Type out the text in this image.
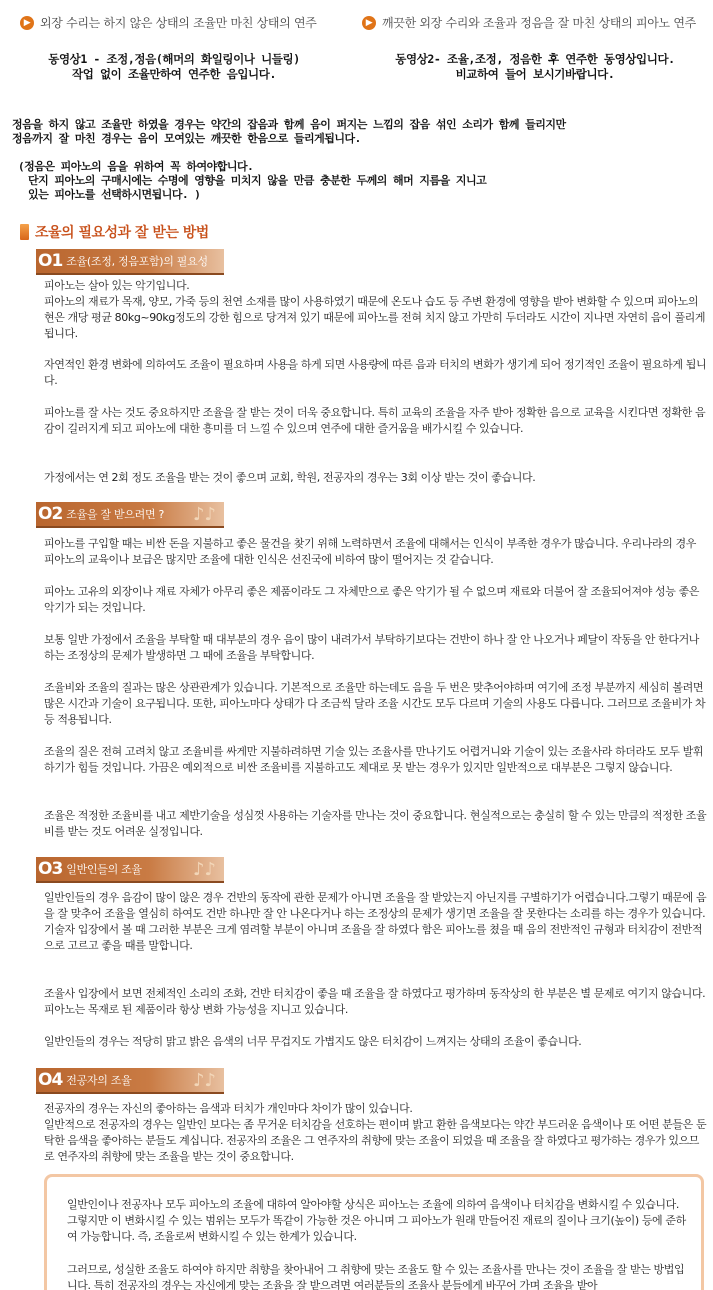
▶ 외장 수리는 하지 않은 상태의 조율만 마친 상태의 연주	▶ 깨끗한 외장 수리와 조율과 정음을 잘 마친 상태의 피아노 연주
동영상1 - 조정,정음(해머의 화일링이나 니들링)
작업 없이 조율만하여 연주한 음입니다.
동영상2- 조율,조정, 정음한 후 연주한 동영상입니다.
비교하여 들어 보시기바랍니다.
정음을 하지 않고 조율만 하였을 경우는 약간의 잡음과 함께 음이 퍼지는 느낌의 잡음 섞인 소리가 함께 들리지만
정음까지 잘 마친 경우는 음이 모여있는 깨끗한 한음으로 들리게됩니다.
(정음은 피아노의 음을 위하여 꼭 하여야합니다.
단지 피아노의 구매시에는 수명에 영향을 미치지 않을 만큼 충분한 두께의 해머 지름을 지니고
있는 피아노를 선택하시면됩니다. )
조율의 필요성과 잘 받는 방법
O1 조율(조정, 정음포함)의 필요성
피아노는 살아 있는 악기입니다.
피아노의 재료가 목재, 양모, 가죽 등의 천연 소재를 많이 사용하였기 때문에 온도나 습도 등 주변 환경에 영향을 받아 변화할 수 있으며 피아노의 현은 개당 평균 80kg~90kg정도의 강한 힘으로 당겨져 있기 때문에 피아노를 전혀 치지 않고 가만히 두더라도 시간이 지나면 자연히 음이 풀리게 됩니다.
자연적인 환경 변화에 의하여도 조율이 필요하며 사용을 하게 되면 사용량에 따른 음과 터치의 변화가 생기게 되어 정기적인 조율이 필요하게 됩니다.
피아노를 잘 사는 것도 중요하지만 조율을 잘 받는 것이 더욱 중요합니다. 특히 교육의 조율을 자주 받아 정확한 음으로 교육을 시킨다면 정확한 음감이 길러지게 되고 피아노에 대한 흥미를 더 느낄 수 있으며 연주에 대한 즐거움을 배가시킬 수 있습니다.
가정에서는 연 2회 정도 조율을 받는 것이 좋으며 교회, 학원, 전공자의 경우는 3회 이상 받는 것이 좋습니다.
O2 조율을 잘 받으려면 ? ♪♪
피아노를 구입할 때는 비싼 돈을 지불하고 좋은 물건을 찾기 위해 노력하면서 조율에 대해서는 인식이 부족한 경우가 많습니다. 우리나라의 경우 피아노의 교육이나 보급은 많지만 조율에 대한 인식은 선진국에 비하여 많이 떨어지는 것 같습니다.
피아노 고유의 외장이나 재료 자체가 아무리 좋은 제품이라도 그 자체만으로 좋은 악기가 될 수 없으며 재료와 더불어 잘 조율되어져야 성능 좋은 악기가 되는 것입니다.
보통 일반 가정에서 조율을 부탁할 때 대부분의 경우 음이 많이 내려가서 부탁하기보다는 건반이 하나 잘 안 나오거나 페달이 작동을 안 한다거나 하는 조정상의 문제가 발생하면 그 때에 조율을 부탁합니다.
조율비와 조율의 질과는 많은 상관관계가 있습니다. 기본적으로 조율만 하는데도 음을 두 번은 맞추어야하며 여기에 조정 부분까지 세심히 볼려면 많은 시간과 기술이 요구됩니다. 또한, 피아노마다 상태가 다 조금씩 달라 조율 시간도 모두 다르며 기술의 사용도 다릅니다. 그러므로 조율비가 차등 적용됩니다.
조율의 질은 전혀 고려치 않고 조율비를 싸게만 지불하려하면 기술 있는 조율사를 만나기도 어렵거니와 기술이 있는 조율사라 하더라도 모두 발휘하기가 힘들 것입니다. 가끔은 예외적으로 비싼 조율비를 지불하고도 제대로 못 받는 경우가 있지만 일반적으로 대부분은 그렇지 않습니다.
조율은 적정한 조율비를 내고 제반기술을 성심껏 사용하는 기술자를 만나는 것이 중요합니다. 현실적으로는 충실히 할 수 있는 만큼의 적정한 조율비를 받는 것도 어려운 실정입니다.
O3 일반인들의 조율	♪♪
일반인들의 경우 음감이 많이 않은 경우 건반의 동작에 관한 문제가 아니면 조율을 잘 받았는지 아닌지를 구별하기가 어렵습니다.그렇기 때문에 음을 잘 맞추어 조율을 열심히 하여도 건반 하나만 잘 안 나온다거나 하는 조정상의 문제가 생기면 조율을 잘 못한다는 소리를 하는 경우가 있습니다.
기술자 입장에서 볼 때 그러한 부분은 크게 염려할 부분이 아니며 조율을 잘 하였다 함은 피아노를 쳤을 때 음의 전반적인 규형과 터치감이 전반적으로 고르고 좋을 때를 말합니다.
조율사 입장에서 보면 전체적인 소리의 조화, 건반 터치감이 좋을 때 조율을 잘 하였다고 평가하며 동작상의 한 부분은 별 문제로 여기지 않습니다. 피아노는 목재로 된 제품이라 항상 변화 가능성을 지니고 있습니다.
일반인들의 경우는 적당히 맑고 밝은 음색의 너무 무겁지도 가볍지도 않은 터치감이 느껴지는 상태의 조율이 좋습니다.
O4 전공자의 조율	♪♪
전공자의 경우는 자신의 좋아하는 음색과 터치가 개인마다 차이가 많이 있습니다.
일반적으로 전공자의 경우는 일반인 보다는 좀 무거운 터치감을 선호하는 편이며 밝고 환한 음색보다는 약간 부드러운 음색이나 또 어떤 분들은 둔탁한 음색을 좋아하는 분들도 계십니다. 전공자의 조율은 그 연주자의 취향에 맞는 조율이 되었을 때 조율을 잘 하였다고 평가하는 경우가 있으므로 연주자의 취향에 맞는 조율을 받는 것이 중요합니다.

일반인이나 전공자나 모두 피아노의 조율에 대하여 알아야할 상식은 피아노는 조율에 의하여 음색이나 터치감을 변화시킬 수 있습니다. 그렇지만 이 변화시킬 수 있는 범위는 모두가 똑같이 가능한 것은 아니며 그 피아노가 원래 만들어진 재료의 질이나 크기(높이) 등에 준하여 가능합니다. 즉, 조율로써 변화시킬 수 있는 한계가 있습니다.

그러므로, 성실한 조율도 하여야 하지만 취향을 찾아내어 그 취향에 맞는 조율도 할 수 있는 조율사를 만나는 것이 조율을 잘 받는 방법입니다. 특히 전공자의 경우는 자신에게 맞는 조율을 잘 받으려면 여러분들의 조율사 분들에게 바꾸어 가며 조율을 받아
